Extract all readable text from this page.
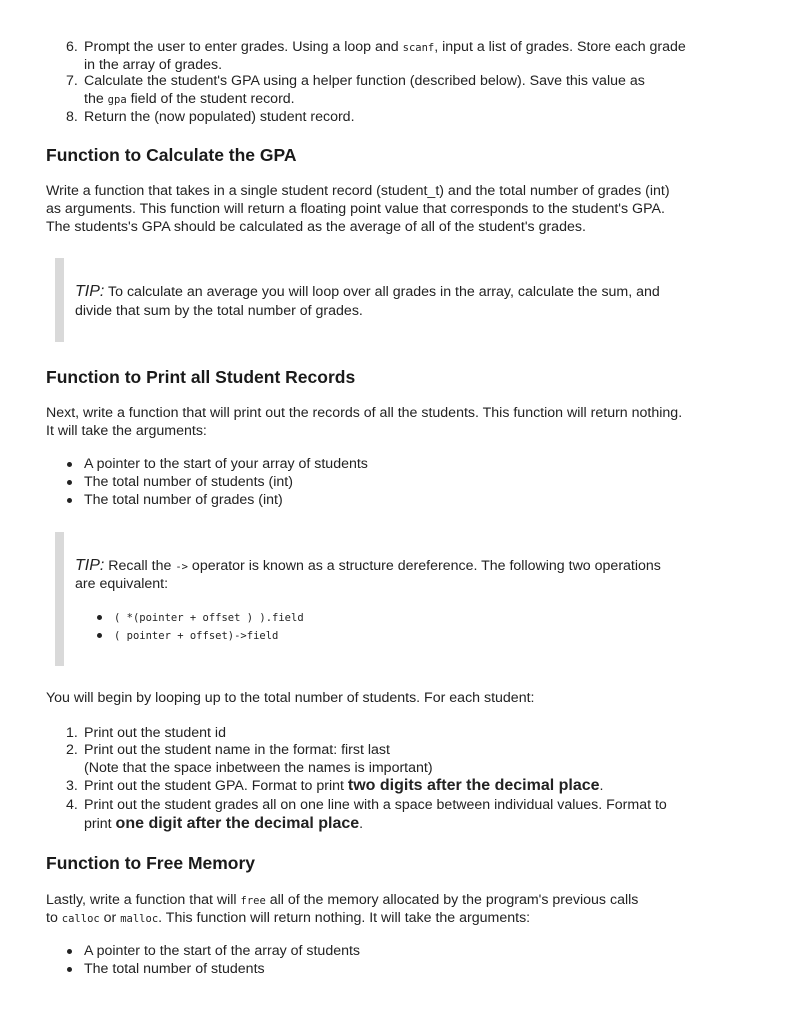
6. Prompt the user to enter grades. Using a loop and scanf, input a list of grades. Store each grade
in the array of grades.
7. Calculate the student's GPA using a helper function (described below). Save this value as
the gpa field of the student record.
8. Return the (now populated) student record.
Function to Calculate the GPA
Write a function that takes in a single student record (student_t) and the total number of grades (int)
as arguments. This function will return a floating point value that corresponds to the student's GPA.
The students's GPA should be calculated as the average of all of the student's grades.
TIP: To calculate an average you will loop over all grades in the array, calculate the sum, and
divide that sum by the total number of grades.
Function to Print all Student Records
Next, write a function that will print out the records of all the students. This function will return nothing.
It will take the arguments:
A pointer to the start of your array of students
The total number of students (int)
The total number of grades (int)
TIP: Recall the -> operator is known as a structure dereference. The following two operations
are equivalent:
( *(pointer + offset ) ).field
( pointer + offset)->field
You will begin by looping up to the total number of students. For each student:
1. Print out the student id
2. Print out the student name in the format: first last
(Note that the space inbetween the names is important)
3. Print out the student GPA. Format to print two digits after the decimal place.
4. Print out the student grades all on one line with a space between individual values. Format to
print one digit after the decimal place.
Function to Free Memory
Lastly, write a function that will free all of the memory allocated by the program's previous calls
to calloc or malloc. This function will return nothing. It will take the arguments:
A pointer to the start of the array of students
The total number of students
